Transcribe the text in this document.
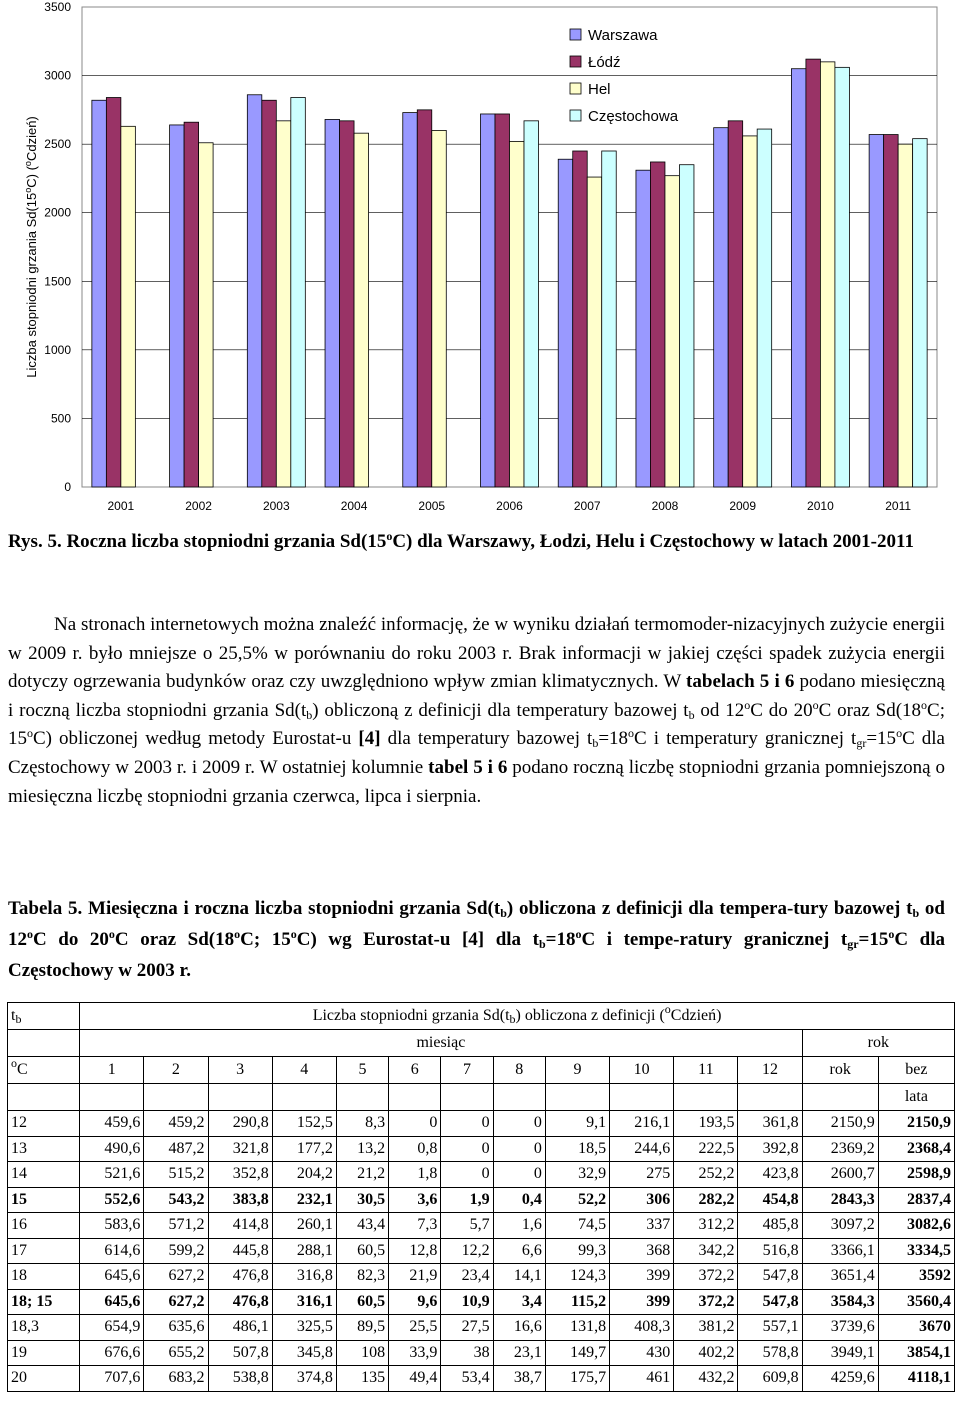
0
500
1000
1500
2000
2500
3000
3500
2001	2002	2003	2004	2005	2006	2007	2008	2009	2010	2011
Liczba stopniodni grzania Sd(15$^o$C) ($^o$Cdzień)
Warszawa
Łódź
Hel
Częstochowa
Rys. 5. Roczna liczba stopniodni grzania Sd(15$^o$C) dla Warszawy, Łodzi, Helu i Częstochowy w latach 2001-2011
Na stronach internetowych można znaleźć informację, że w wyniku działań termomoder-nizacyjnych zużycie energii w 2009 r. było mniejsze o 25,5% w porównaniu do roku 2003 r. Brak informacji w jakiej części spadek zużycia energii dotyczy ogrzewania budynków oraz czy uwzględniono wpływ zmian klimatycznych. W tabelach 5 i 6 podano miesięczną i roczną liczba stopniodni grzania $Sd(t_b)$ obliczoną z definicji dla temperatury bazowej $t_b$ od 12$^o$C do 20$^o$C oraz Sd(18$^o$C; 15$^o$C) obliczonej według metody Eurostat-u [4] dla temperatury bazowej $t_b=18^oC$ i temperatury granicznej $t_{gr}=15^oC$ dla Częstochowy w 2003 r. i 2009 r. W ostatniej kolumnie tabel 5 i 6 podano roczną liczbę stopniodni grzania pomniejszoną o miesięczna liczbę stopniodni grzania czerwca, lipca i sierpnia.
Tabela 5. Miesięczna i roczna liczba stopniodni grzania $Sd(t_b)$ obliczona z definicji dla tempera-tury bazowej $t_b$ od 12$^o$C do 20$^o$C oraz Sd(18$^o$C; 15$^o$C) wg Eurostat-u [4] dla $t_b=18^oC$ i tempe-ratury granicznej $t_{gr}=15^oC$ dla Częstochowy w 2003 r.
$t_b$	Liczba stopniodni grzania $Sd(t_b)$ obliczona z definicji ($^o$Cdzień)													
	miesiąc												rok	
$^o$C	1	2	3	4	5	6	7	8	9	10	11	12	rok	bez
														lata
12	459,6	459,2	290,8	152,5	8,3	0	0	0	9,1	216,1	193,5	361,8	2150,9	2150,9
13	490,6	487,2	321,8	177,2	13,2	0,8	0	0	18,5	244,6	222,5	392,8	2369,2	2368,4
14	521,6	515,2	352,8	204,2	21,2	1,8	0	0	32,9	275	252,2	423,8	2600,7	2598,9
15	552,6	543,2	383,8	232,1	30,5	3,6	1,9	0,4	52,2	306	282,2	454,8	2843,3	2837,4
16	583,6	571,2	414,8	260,1	43,4	7,3	5,7	1,6	74,5	337	312,2	485,8	3097,2	3082,6
17	614,6	599,2	445,8	288,1	60,5	12,8	12,2	6,6	99,3	368	342,2	516,8	3366,1	3334,5
18	645,6	627,2	476,8	316,8	82,3	21,9	23,4	14,1	124,3	399	372,2	547,8	3651,4	3592
18; 15	645,6	627,2	476,8	316,1	60,5	9,6	10,9	3,4	115,2	399	372,2	547,8	3584,3	3560,4
18,3	654,9	635,6	486,1	325,5	89,5	25,5	27,5	16,6	131,8	408,3	381,2	557,1	3739,6	3670
19	676,6	655,2	507,8	345,8	108	33,9	38	23,1	149,7	430	402,2	578,8	3949,1	3854,1
20	707,6	683,2	538,8	374,8	135	49,4	53,4	38,7	175,7	461	432,2	609,8	4259,6	4118,1
